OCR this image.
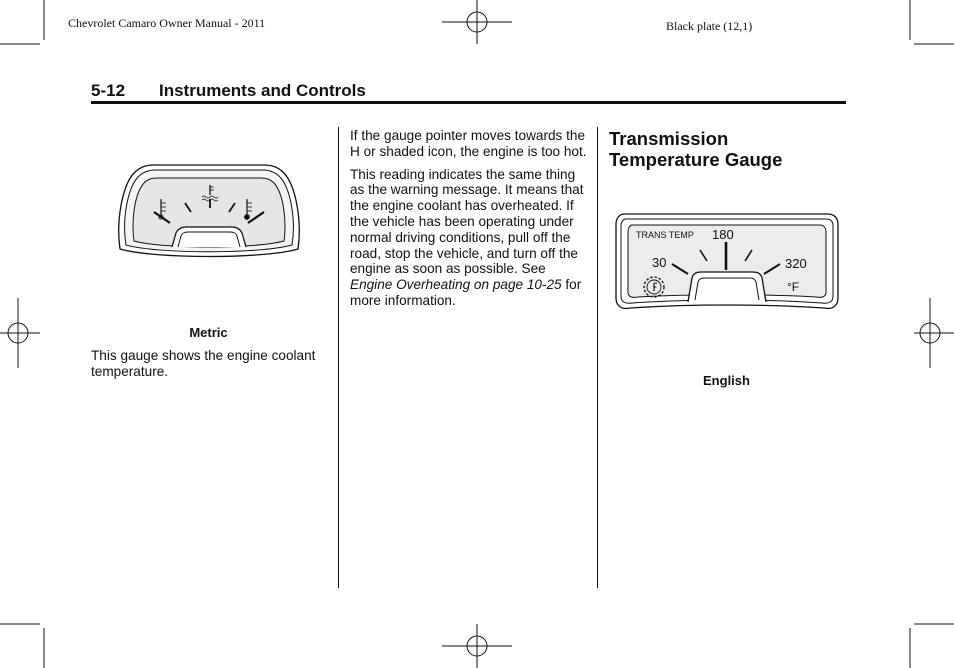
Chevrolet Camaro Owner Manual - 2011	Black plate (12,1)
5-12 Instruments and Controls
Metric

This gauge shows the engine coolant temperature.

If the gauge pointer moves towards the H or shaded icon, the engine is too hot.

This reading indicates the same thing as the warning message. It means that the engine coolant has overheated. If the vehicle has been operating under normal driving conditions, pull off the road, stop the vehicle, and turn off the engine as soon as possible. See Engine Overheating on page 10-25 for more information.

Transmission Temperature Gauge
TRANS TEMP 180
30	320
°F
English
